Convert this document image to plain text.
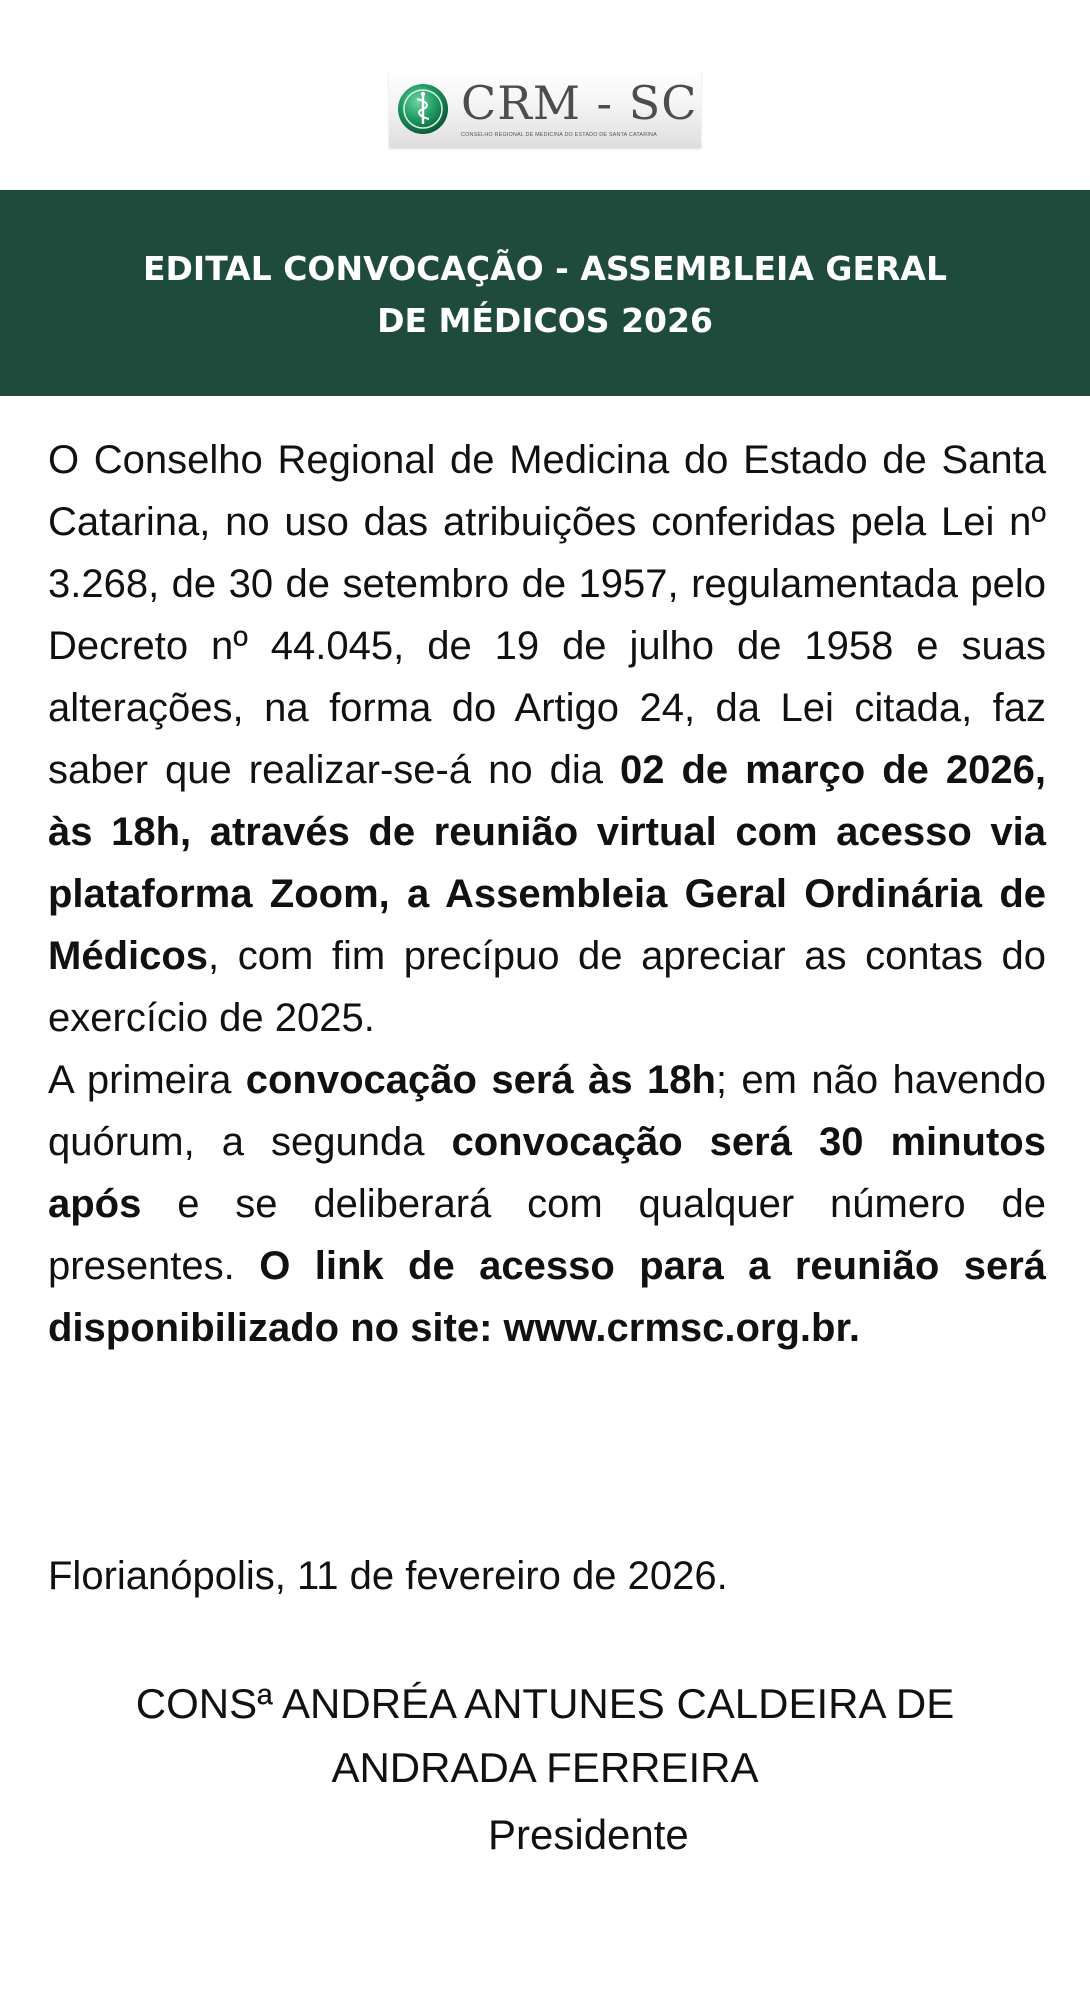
CRM - SC
CONSELHO REGIONAL DE MEDICINA DO ESTADO DE SANTA CATARINA
EDITAL CONVOCAÇÃO - ASSEMBLEIA GERAL
DE MÉDICOS 2026

O Conselho Regional de Medicina do Estado de Santa Catarina, no uso das atribuições conferidas pela Lei nº 3.268, de 30 de setembro de 1957, regulamentada pelo Decreto nº 44.045, de 19 de julho de 1958 e suas alterações, na forma do Artigo 24, da Lei citada, faz saber que realizar-se-á no dia 02 de março de 2026, às 18h, através de reunião virtual com acesso via plataforma Zoom, a Assembleia Geral Ordinária de Médicos, com fim precípuo de apreciar as contas do exercício de 2025.

A primeira convocação será às 18h; em não havendo quórum, a segunda convocação será 30 minutos após e se deliberará com qualquer número de presentes. O link de acesso para a reunião será disponibilizado no site: www.crmsc.org.br.

Florianópolis, 11 de fevereiro de 2026.
CONSª ANDRÉA ANTUNES CALDEIRA DE
ANDRADA FERREIRA
Presidente
